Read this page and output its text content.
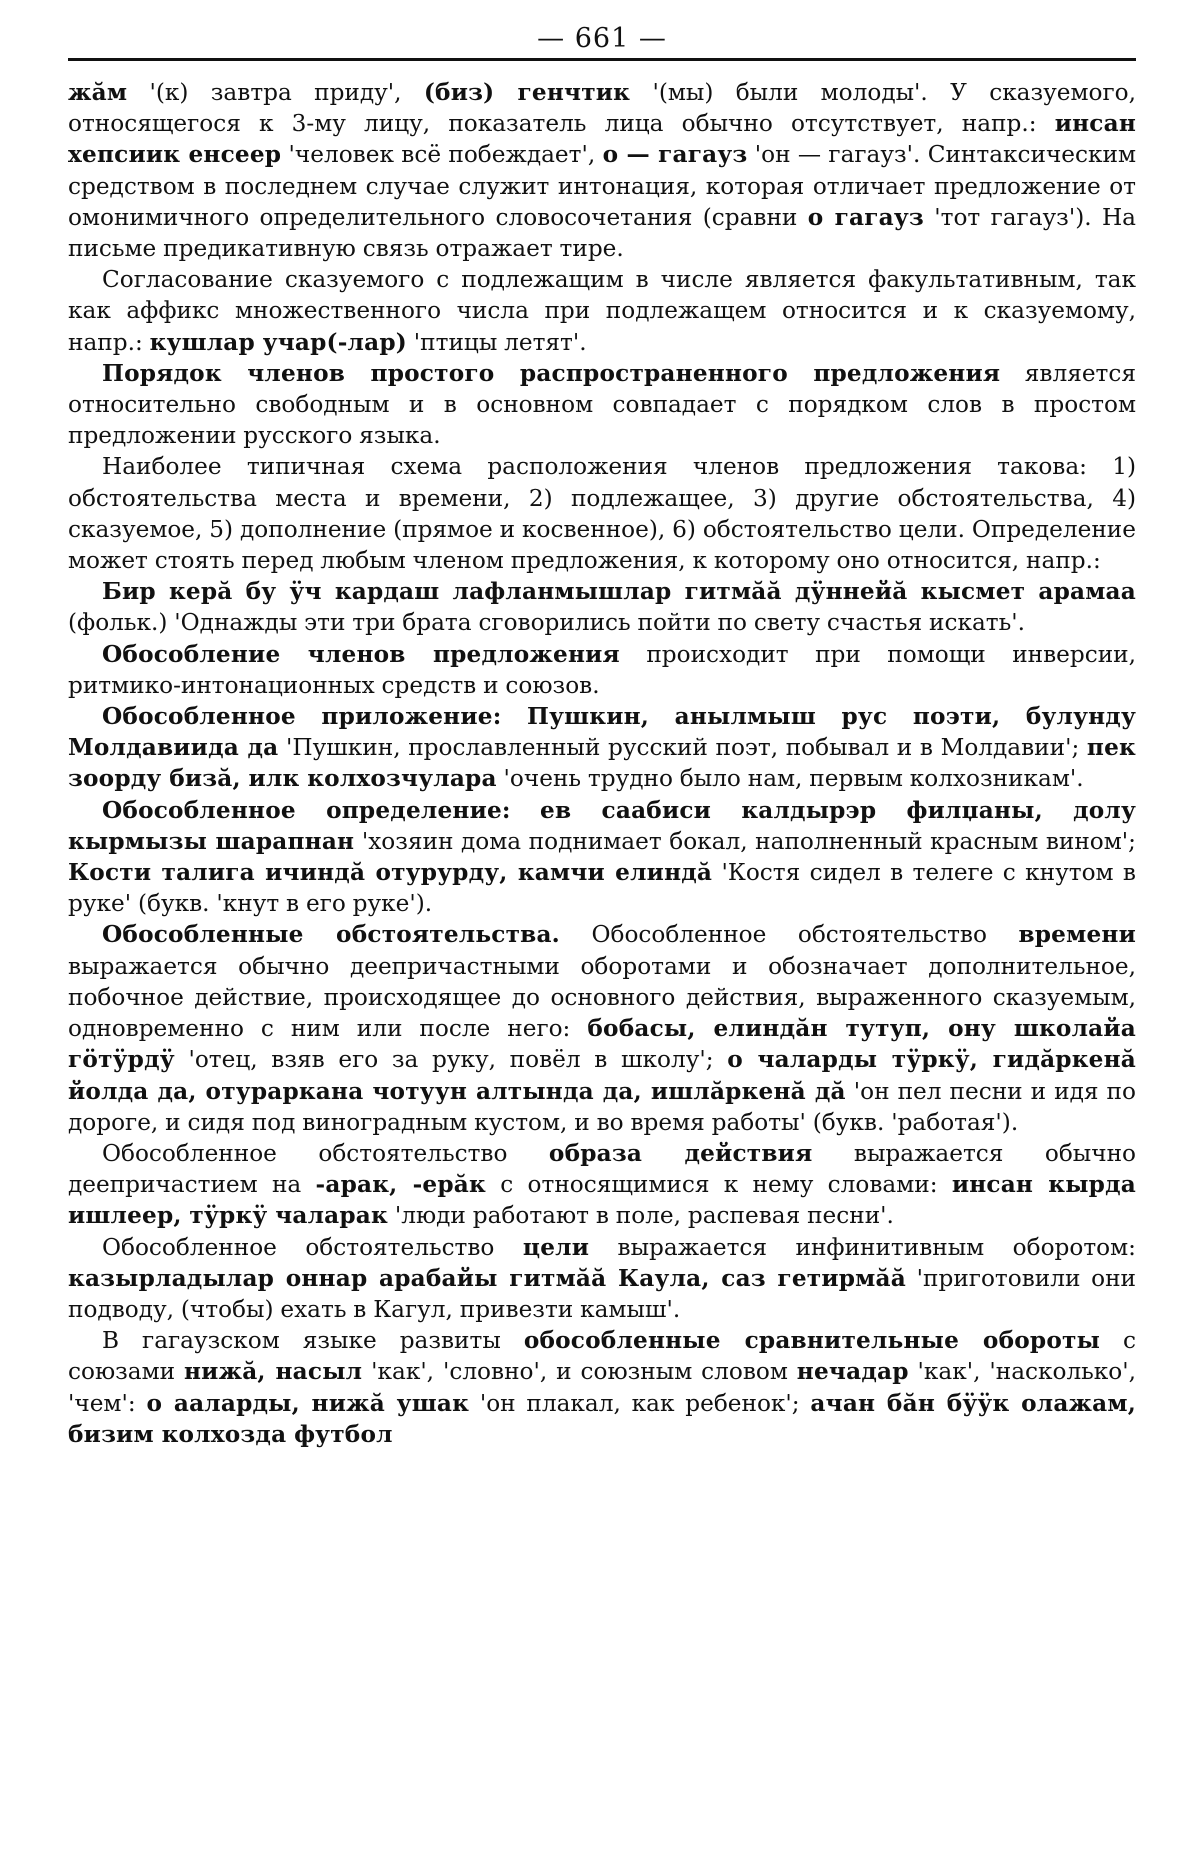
— 661 —

жăм '(к) завтра приду', (биз) генчтик '(мы) были молоды'. У сказуемого, относящегося к 3-му лицу, показатель лица обычно отсутствует, напр.: инсан хепсиик енсеер 'человек всё побеждает', о — гагауз 'он — гагауз'. Синтаксическим средством в последнем случае служит интонация, которая отличает предложение от омонимичного определительного словосочетания (сравни о гагауз 'тот гагауз'). На письме предикативную связь отражает тире.

Согласование сказуемого с подлежащим в числе является факультативным, так как аффикс множественного числа при подлежащем относится и к сказуемому, напр.: кушлар учар(-лар) 'птицы летят'.

Порядок членов простого распространенного предложения является относительно свободным и в основном совпадает с порядком слов в простом предложении русского языка.

Наиболее типичная схема расположения членов предложения такова: 1) обстоятельства места и времени, 2) подлежащее, 3) другие обстоятельства, 4) сказуемое, 5) дополнение (прямое и косвенное), 6) обстоятельство цели. Определение может стоять перед любым членом предложения, к которому оно относится, напр.:

Бир керă бу ӱч кардаш лафланмышлар гитмăă дӱннейă кысмет арамаа (фольк.) 'Однажды эти три брата сговорились пойти по свету счастья искать'.

Обособление членов предложения происходит при помощи инверсии, ритмико-интонационных средств и союзов.

Обособленное приложение: Пушкин, анылмыш рус поэти, булунду Молдавиида да 'Пушкин, прославленный русский поэт, побывал и в Молдавии'; пек зоорду бизă, илк колхозчулара 'очень трудно было нам, первым колхозникам'.

Обособленное определение: ев саабиси калдырэр филџаны, долу кырмызы шарапнан 'хозяин дома поднимает бокал, наполненный красным вином'; Кости талига ичиндă отурурду, камчи елиндă 'Костя сидел в телеге с кнутом в руке' (букв. 'кнут в его руке').

Обособленные обстоятельства. Обособленное обстоятельство времени выражается обычно деепричастными оборотами и обозначает дополнительное, побочное действие, происходящее до основного действия, выраженного сказуемым, одновременно с ним или после него: бобасы, елиндăн тутуп, ону школайа гӧтӱрдӱ 'отец, взяв его за руку, повёл в школу'; о чаларды тӱркӱ, гидăркенă йолда да, отураркана чотуун алтында да, ишлăркенă дă 'он пел песни и идя по дороге, и сидя под виноградным кустом, и во время работы' (букв. 'работая').

Обособленное обстоятельство образа действия выражается обычно деепричастием на -арак, -ерăк с относящимися к нему словами: инсан кырда ишлеер, тӱркӱ чаларак 'люди работают в поле, распевая песни'.

Обособленное обстоятельство цели выражается инфинитивным оборотом: казырладылар оннар арабайы гитмăă Каула, саз гетирмăă 'приготовили они подводу, (чтобы) ехать в Кагул, привезти камыш'.

В гагаузском языке развиты обособленные сравнительные обороты с союзами нижă, насыл 'как', 'словно', и союзным словом нечадар 'как', 'насколько', 'чем': о ааларды, нижă ушак 'он плакал, как ребенок'; ачан бăн бӱӱк олажам, бизим колхозда футбол
